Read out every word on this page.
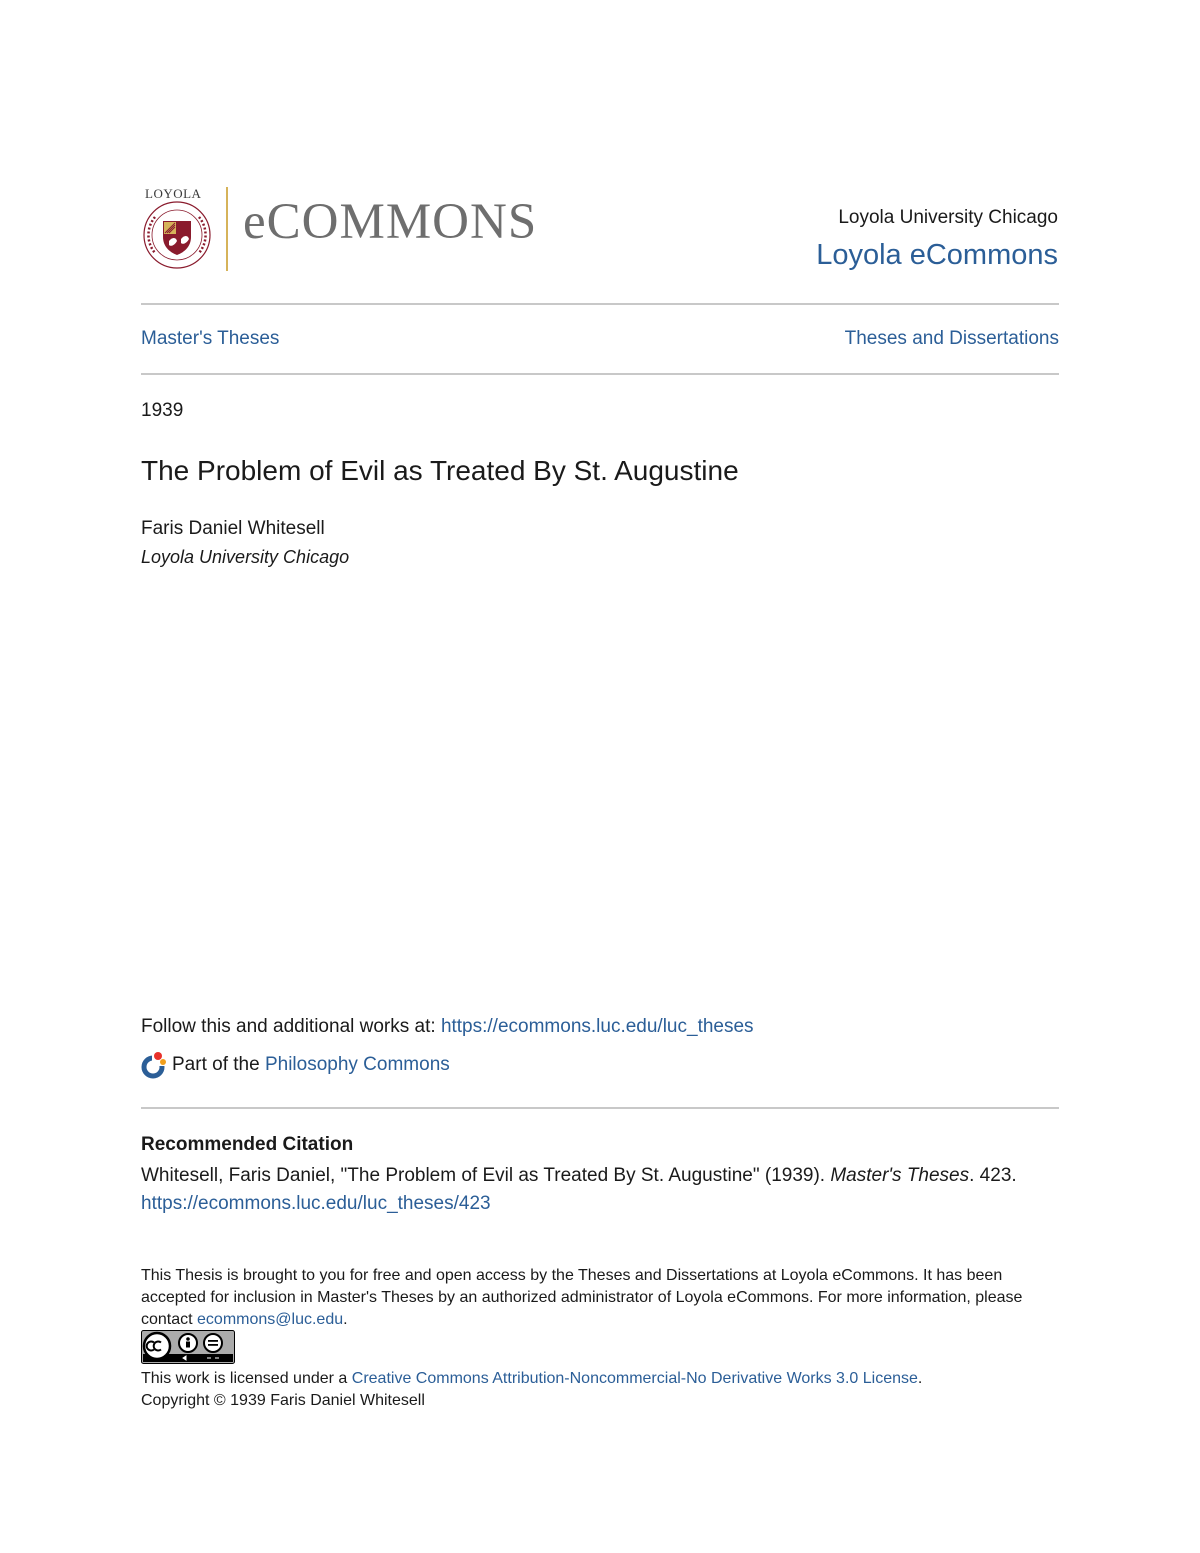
LOYOLA
eCOMMONS	Loyola University Chicago
Loyola eCommons
Master's Theses	Theses and Dissertations
1939
The Problem of Evil as Treated By St. Augustine
Faris Daniel Whitesell
Loyola University Chicago
Follow this and additional works at: https://ecommons.luc.edu/luc_theses
Part of the
Philosophy Commons
Recommended Citation
Whitesell, Faris Daniel, "The Problem of Evil as Treated By St. Augustine" (1939). Master's Theses. 423.
https://ecommons.luc.edu/luc_theses/423
This Thesis is brought to you for free and open access by the Theses and Dissertations at Loyola eCommons. It has been accepted for inclusion in Master's Theses by an authorized administrator of Loyola eCommons. For more information, please contact ecommons@luc.edu.
This work is licensed under a Creative Commons Attribution-Noncommercial-No Derivative Works 3.0 License.
Copyright © 1939 Faris Daniel Whitesell
